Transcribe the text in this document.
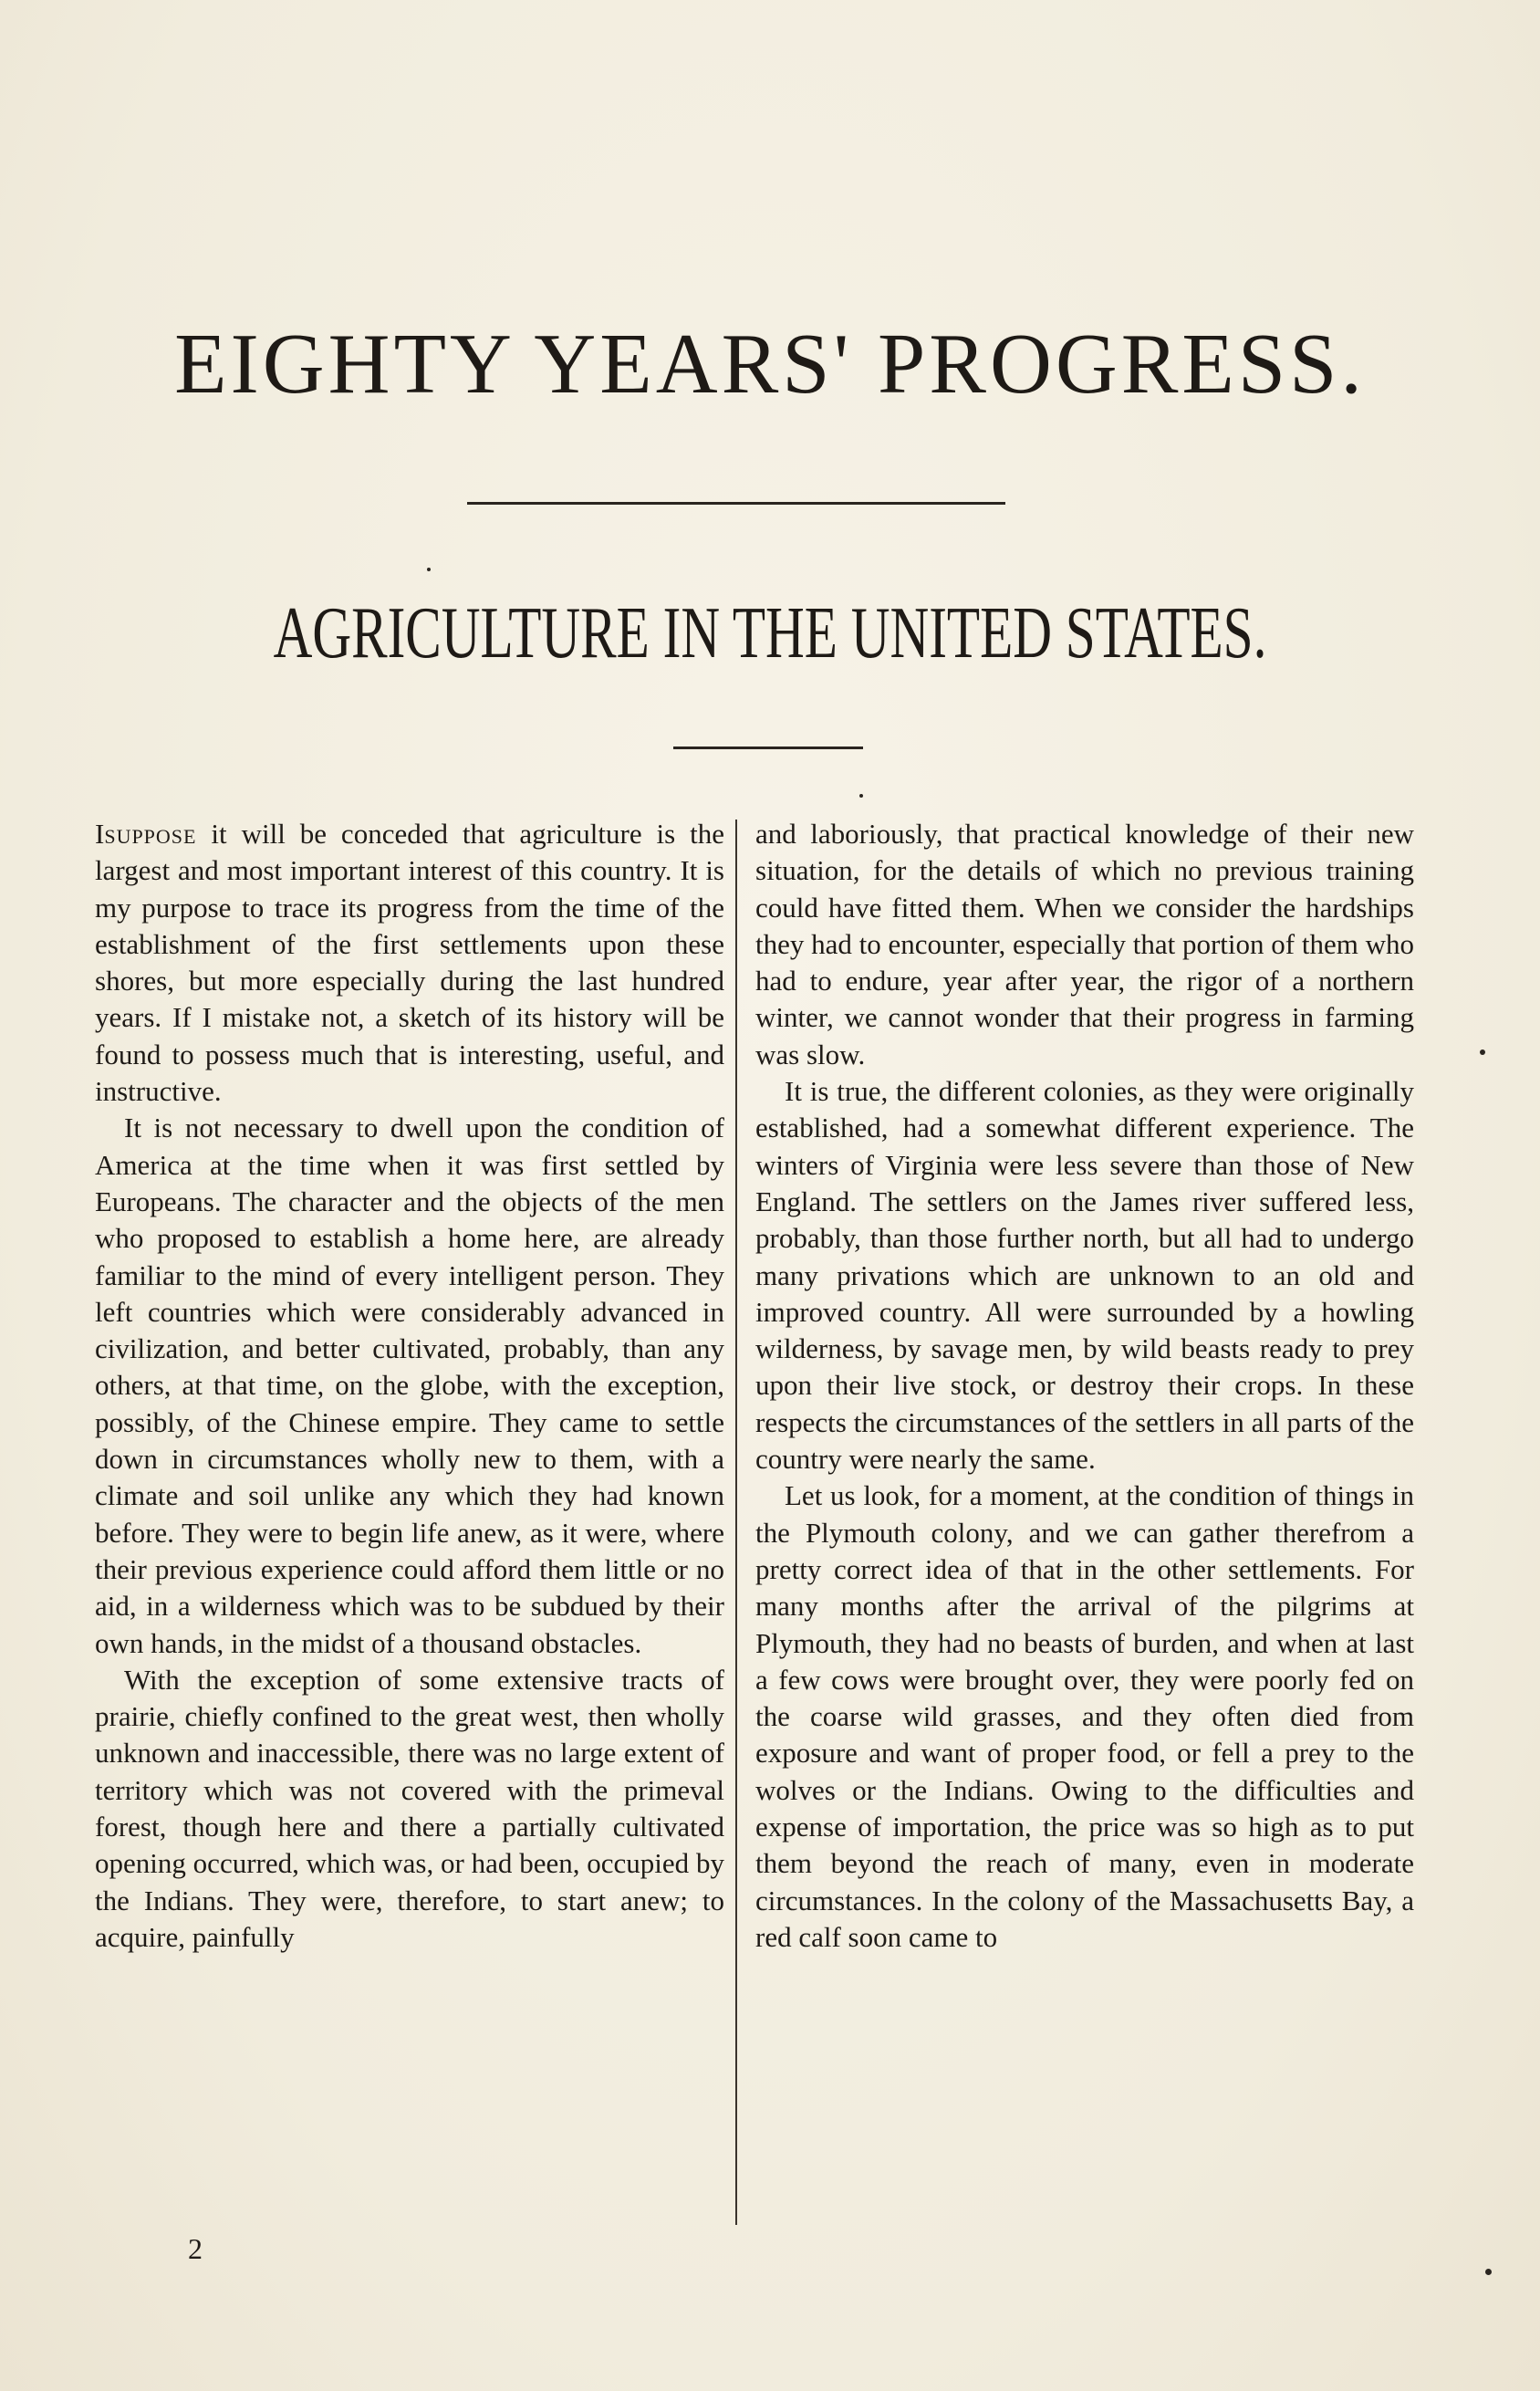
EIGHTY YEARS' PROGRESS.
AGRICULTURE IN THE UNITED STATES.

Isuppose it will be conceded that agriculture is the largest and most important interest of this country. It is my purpose to trace its progress from the time of the establishment of the first settlements upon these shores, but more especially during the last hundred years. If I mistake not, a sketch of its history will be found to possess much that is interesting, useful, and instructive.

It is not necessary to dwell upon the condition of America at the time when it was first settled by Europeans. The character and the objects of the men who proposed to establish a home here, are already familiar to the mind of every intelligent person. They left countries which were considerably advanced in civilization, and better cultivated, probably, than any others, at that time, on the globe, with the exception, possibly, of the Chinese empire. They came to settle down in circumstances wholly new to them, with a climate and soil unlike any which they had known before. They were to begin life anew, as it were, where their previous experience could afford them little or no aid, in a wilderness which was to be subdued by their own hands, in the midst of a thousand obstacles.

With the exception of some extensive tracts of prairie, chiefly confined to the great west, then wholly unknown and inaccessible, there was no large extent of territory which was not covered with the primeval forest, though here and there a partially cultivated opening occurred, which was, or had been, occupied by the Indians. They were, therefore, to start anew; to acquire, painfully

and laboriously, that practical knowledge of their new situation, for the details of which no previous training could have fitted them. When we consider the hardships they had to encounter, especially that portion of them who had to endure, year after year, the rigor of a northern winter, we cannot wonder that their progress in farming was slow.

It is true, the different colonies, as they were originally established, had a somewhat different experience. The winters of Virginia were less severe than those of New England. The settlers on the James river suffered less, probably, than those further north, but all had to undergo many privations which are unknown to an old and improved country. All were surrounded by a howling wilderness, by savage men, by wild beasts ready to prey upon their live stock, or destroy their crops. In these respects the circumstances of the settlers in all parts of the country were nearly the same.

Let us look, for a moment, at the condition of things in the Plymouth colony, and we can gather therefrom a pretty correct idea of that in the other settlements. For many months after the arrival of the pilgrims at Plymouth, they had no beasts of burden, and when at last a few cows were brought over, they were poorly fed on the coarse wild grasses, and they often died from exposure and want of proper food, or fell a prey to the wolves or the Indians. Owing to the difficulties and expense of importation, the price was so high as to put them beyond the reach of many, even in moderate circumstances. In the colony of the Massachusetts Bay, a red calf soon came to

2
